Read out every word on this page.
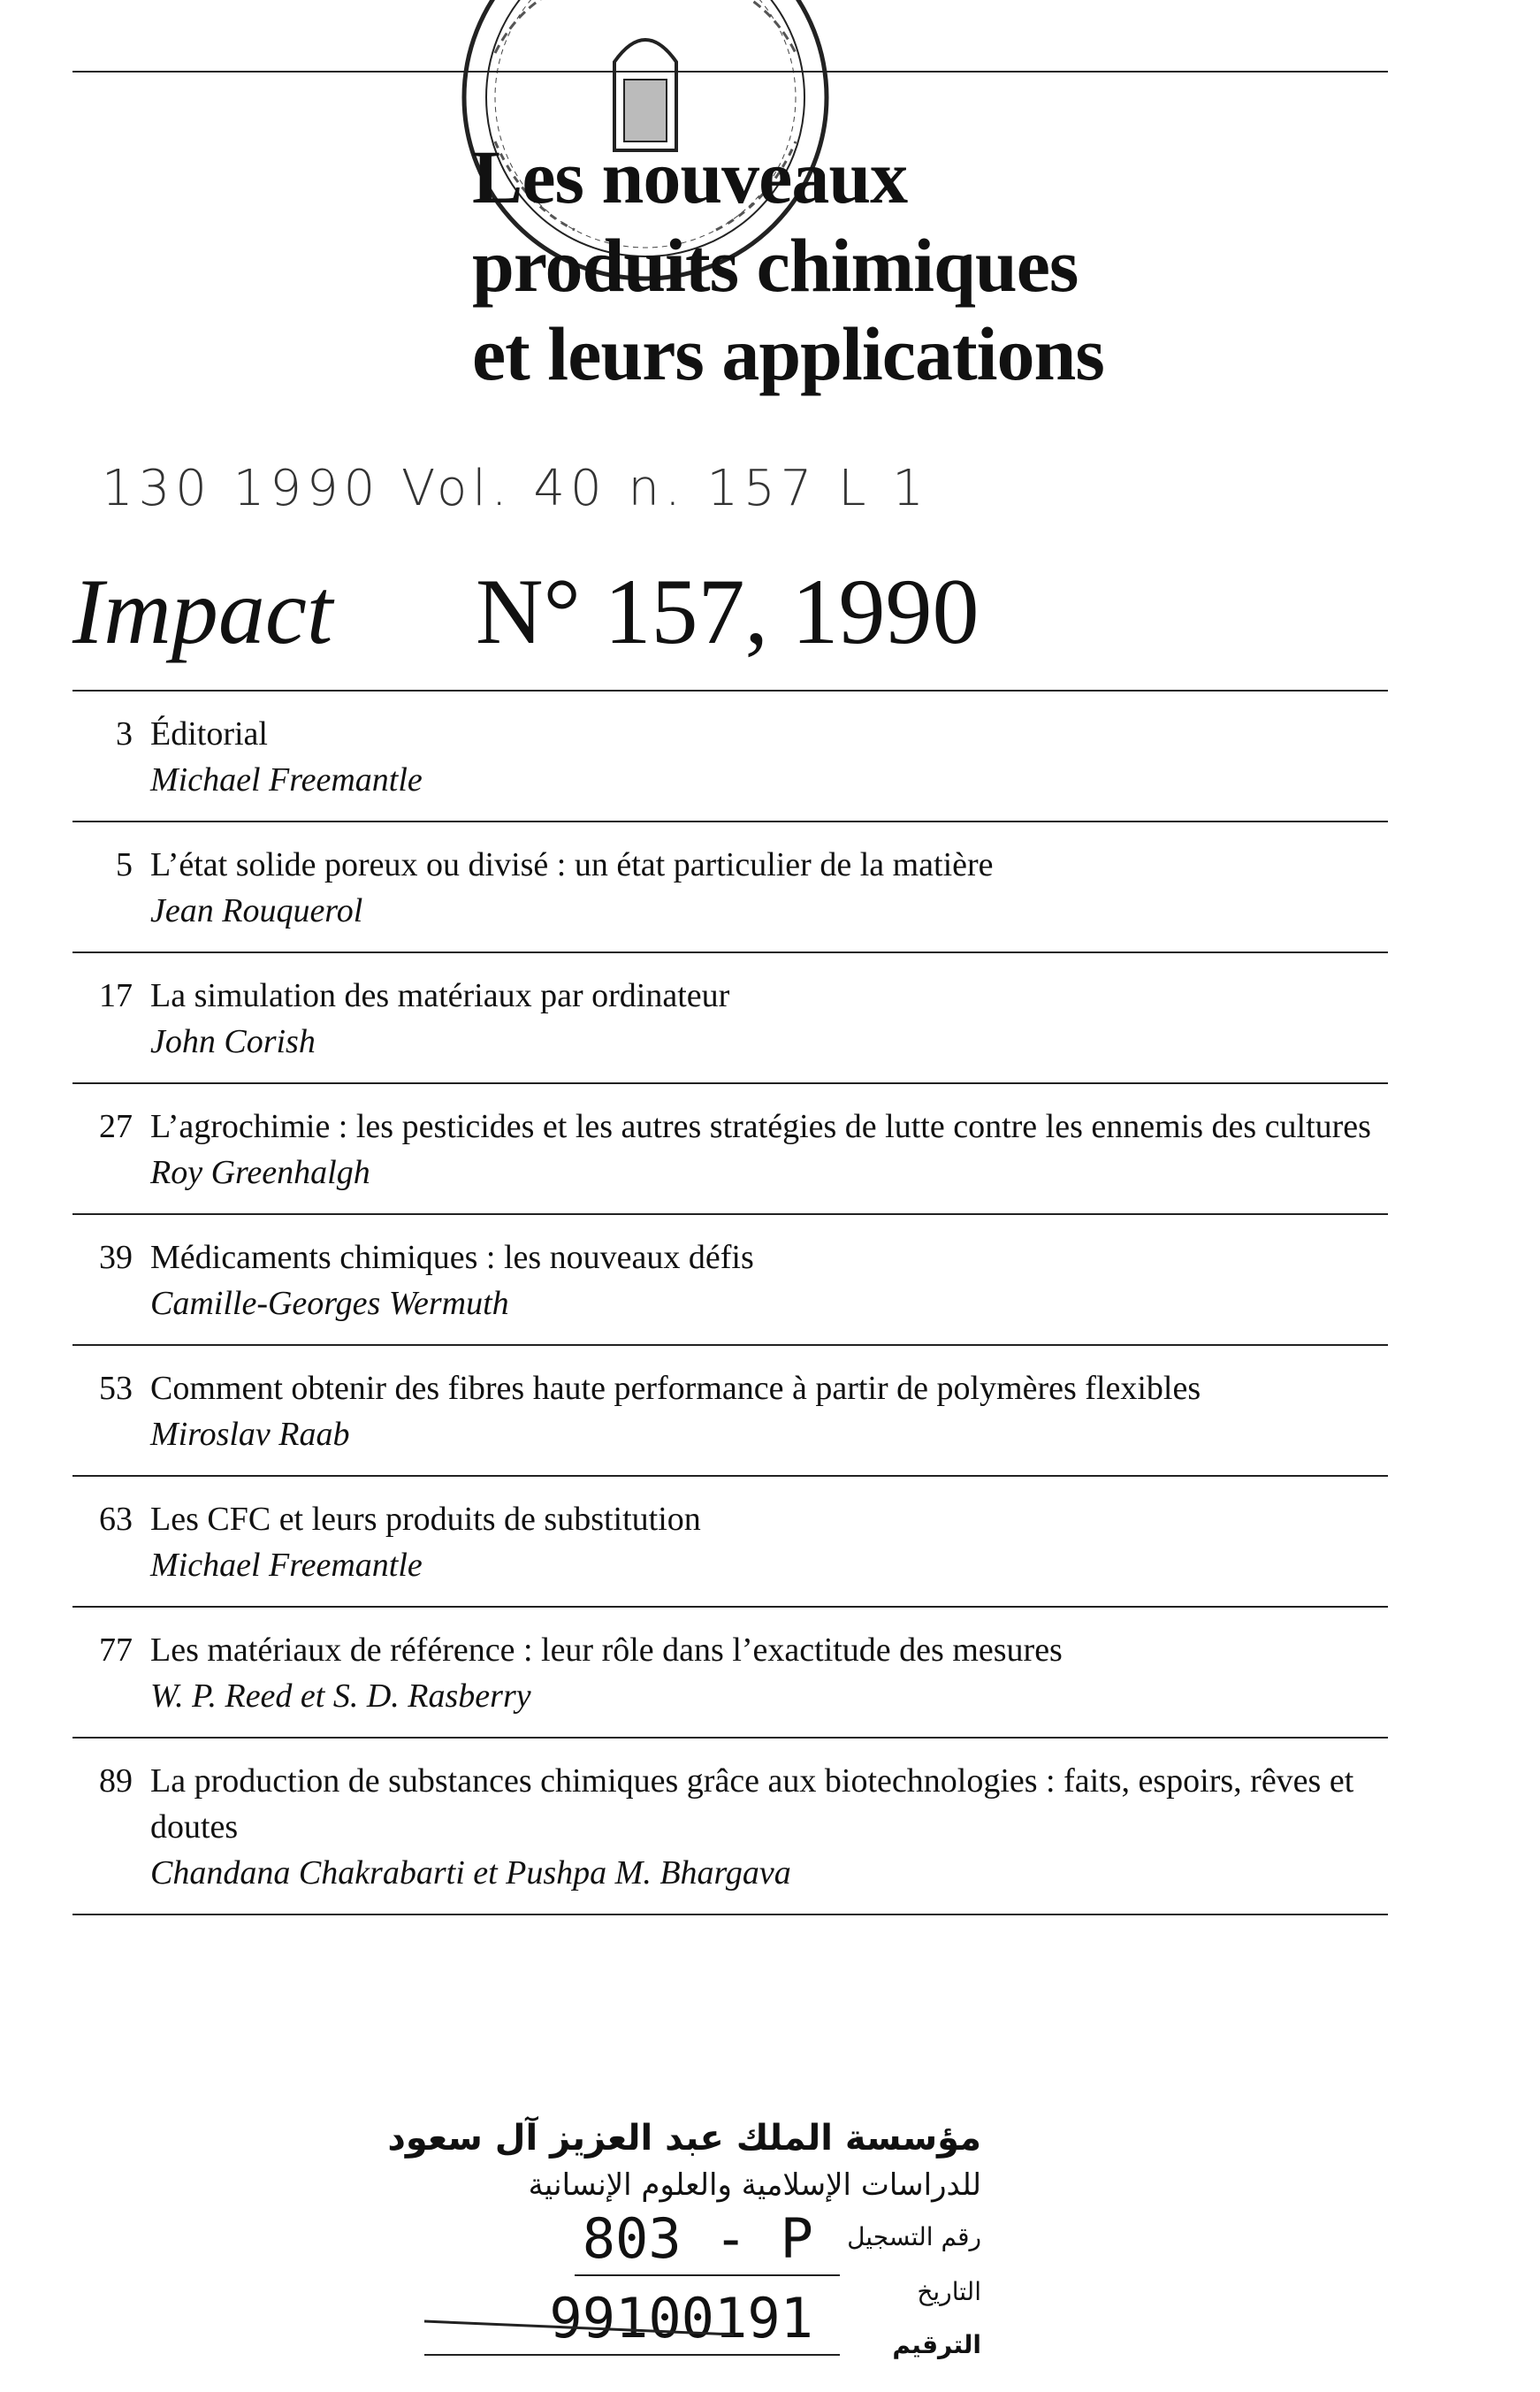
Les nouveaux
produits chimiques
et leurs applications
130 1990 Vol. 40 n. 157 L 1
Impact N° 157, 1990
3 Éditorial
Michael Freemantle
5 L’état solide poreux ou divisé : un état particulier de la matière
Jean Rouquerol
17 La simulation des matériaux par ordinateur
John Corish
27 L’agrochimie : les pesticides et les autres stratégies de lutte contre les ennemis des cultures
Roy Greenhalgh
39 Médicaments chimiques : les nouveaux défis
Camille-Georges Wermuth
53 Comment obtenir des fibres haute performance à partir de polymères flexibles
Miroslav Raab
63 Les CFC et leurs produits de substitution
Michael Freemantle
77 Les matériaux de référence : leur rôle dans l’exactitude des mesures
W. P. Reed et S. D. Rasberry
89 La production de substances chimiques grâce aux biotechnologies : faits, espoirs, rêves et doutes
Chandana Chakrabarti et Pushpa M. Bhargava
مؤسسة الملك عبد العزيز آل سعود
للدراسات الإسلامية والعلوم الإنسانية
رقم التسجيل
803 - P
التاريخ
99100191	الترقيم
